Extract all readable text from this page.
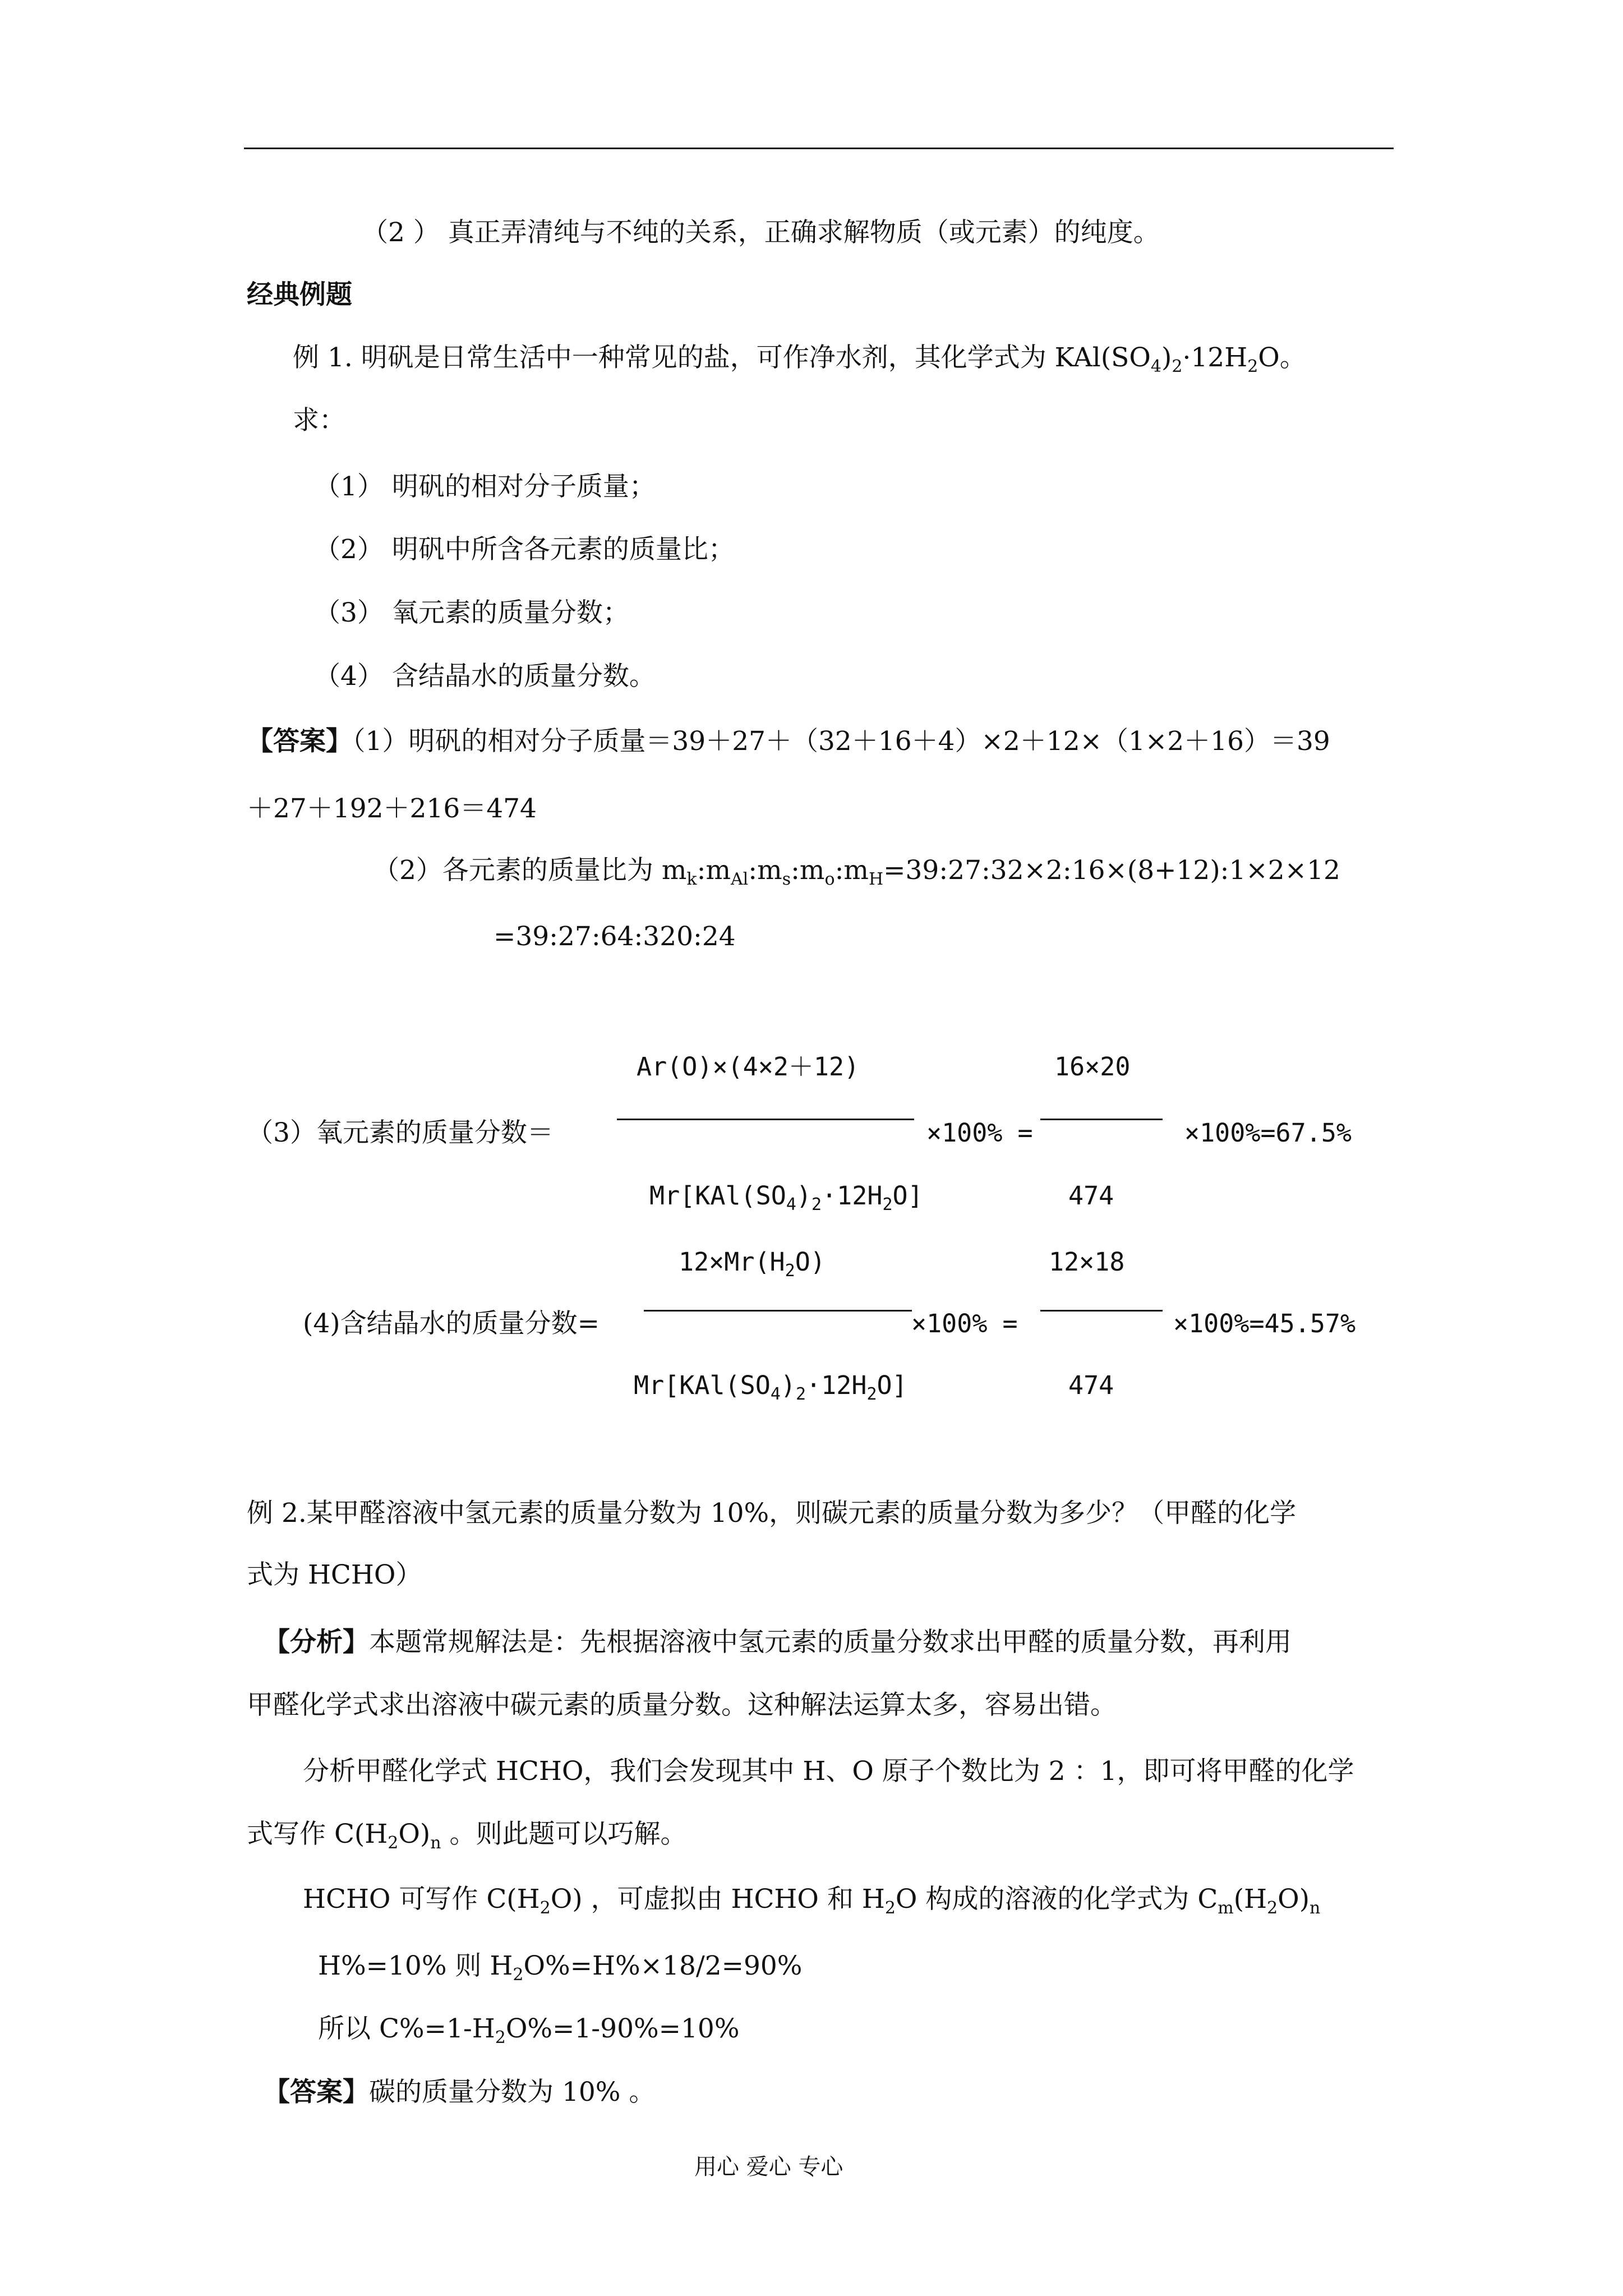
（2 ） 真正弄清纯与不纯的关系，正确求解物质（或元素）的纯度。
经典例题
例 1. 明矾是日常生活中一种常见的盐，可作净水剂，其化学式为 $KAl(SO_4)_2\cdot 12H_2O$。
求：
（1） 明矾的相对分子质量；
（2） 明矾中所含各元素的质量比；
（3） 氧元素的质量分数；
（4） 含结晶水的质量分数。
【答案】（1）明矾的相对分子质量＝39＋27＋（32＋16＋4）×2＋12×（1×2＋16）＝39
＋27＋192＋216＝474
（2）各元素的质量比为 $m_k:m_{Al}:m_s:m_o:m_H=39:27:32\times 2:16\times(8+12):1\times 2\times 12$
=39:27:64:320:24
Ar(O)×(4×2＋12)
（3）氧元素的质量分数＝
$Mr[KAl(SO_4)_2\cdot 12H_2O]$
×100% =
16×20
474
×100%=67.5%
$12\times Mr(H_2O)$
(4)含结晶水的质量分数=
$Mr[KAl(SO_4)_2\cdot 12H_2O]$
×100% =
12×18
474
×100%=45.57%
例 2.某甲醛溶液中氢元素的质量分数为 10%，则碳元素的质量分数为多少？（甲醛的化学
式为 HCHO）
【分析】本题常规解法是：先根据溶液中氢元素的质量分数求出甲醛的质量分数，再利用
甲醛化学式求出溶液中碳元素的质量分数。这种解法运算太多，容易出错。
分析甲醛化学式 HCHO，我们会发现其中 H、O 原子个数比为 2 ：1，即可将甲醛的化学
式写作 $C(H_2O)_n$ 。则此题可以巧解。
HCHO 可写作 $C(H_2O)$ ，可虚拟由 HCHO 和 $H_2O$ 构成的溶液的化学式为 $C_m(H_2O)_n$
H%=10% 则 $H_2O\%=H\%\times 18/2=90\%$
所以 $C\%=1-H_2O\%=1-90\%=10\%$
【答案】碳的质量分数为 10% 。
用心 爱心 专心
